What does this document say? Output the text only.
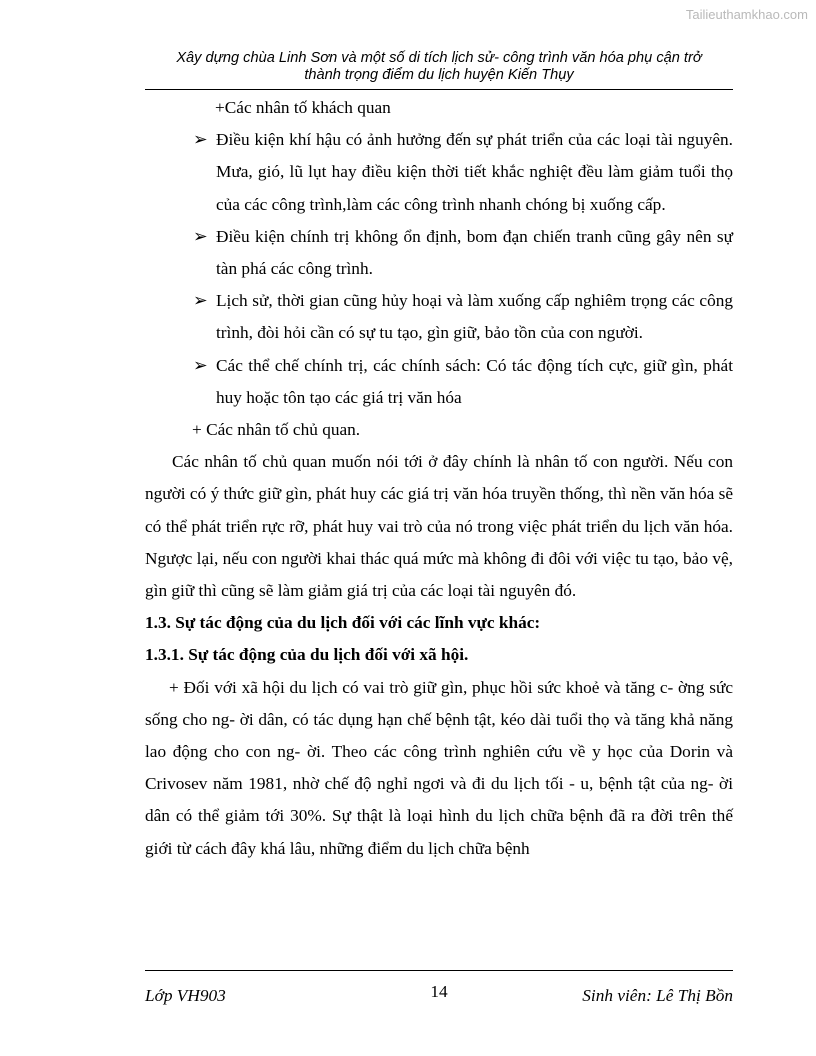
Tailieuthamkhao.com
Xây dựng chùa Linh Sơn và một số di tích lịch sử- công trình văn hóa phụ cận trở
thành trọng điểm du lịch huyện Kiến Thụy

+Các nhân tố khách quan

➢ Điều kiện khí hậu có ảnh hưởng đến sự phát triển của các loại tài nguyên. Mưa, gió, lũ lụt hay điều kiện thời tiết khắc nghiệt đều làm giảm tuổi thọ của các công trình,làm các công trình nhanh chóng bị xuống cấp.

➢ Điều kiện chính trị không ổn định, bom đạn chiến tranh cũng gây nên sự tàn phá các công trình.

➢ Lịch sử, thời gian cũng hủy hoại và làm xuống cấp nghiêm trọng các công trình, đòi hỏi cần có sự tu tạo, gìn giữ, bảo tồn của con người.

➢ Các thể chế chính trị, các chính sách: Có tác động tích cực, giữ gìn, phát huy hoặc tôn tạo các giá trị văn hóa

+ Các nhân tố chủ quan.

Các nhân tố chủ quan muốn nói tới ở đây chính là nhân tố con người. Nếu con người có ý thức giữ gìn, phát huy các giá trị văn hóa truyền thống, thì nền văn hóa sẽ có thể phát triển rực rỡ, phát huy vai trò của nó trong việc phát triển du lịch văn hóa. Ngược lại, nếu con người khai thác quá mức mà không đi đôi với việc tu tạo, bảo vệ, gìn giữ thì cũng sẽ làm giảm giá trị của các loại tài nguyên đó.

1.3. Sự tác động của du lịch đối với các lĩnh vực khác:

1.3.1. Sự tác động của du lịch đối với xã hội.

+ Đối với xã hội du lịch có vai trò giữ gìn, phục hồi sức khoẻ và tăng c- ờng sức sống cho ng- ời dân, có tác dụng hạn chế bệnh tật, kéo dài tuổi thọ và tăng khả năng lao động cho con ng- ời. Theo các công trình nghiên cứu về y học của Dorin và Crivosev năm 1981, nhờ chế độ nghỉ ngơi và đi du lịch tối - u, bệnh tật của ng- ời dân có thể giảm tới 30%. Sự thật là loại hình du lịch chữa bệnh đã ra đời trên thế giới từ cách đây khá lâu, những điểm du lịch chữa bệnh

Lớp VH903	14	Sinh viên: Lê Thị Bồn
